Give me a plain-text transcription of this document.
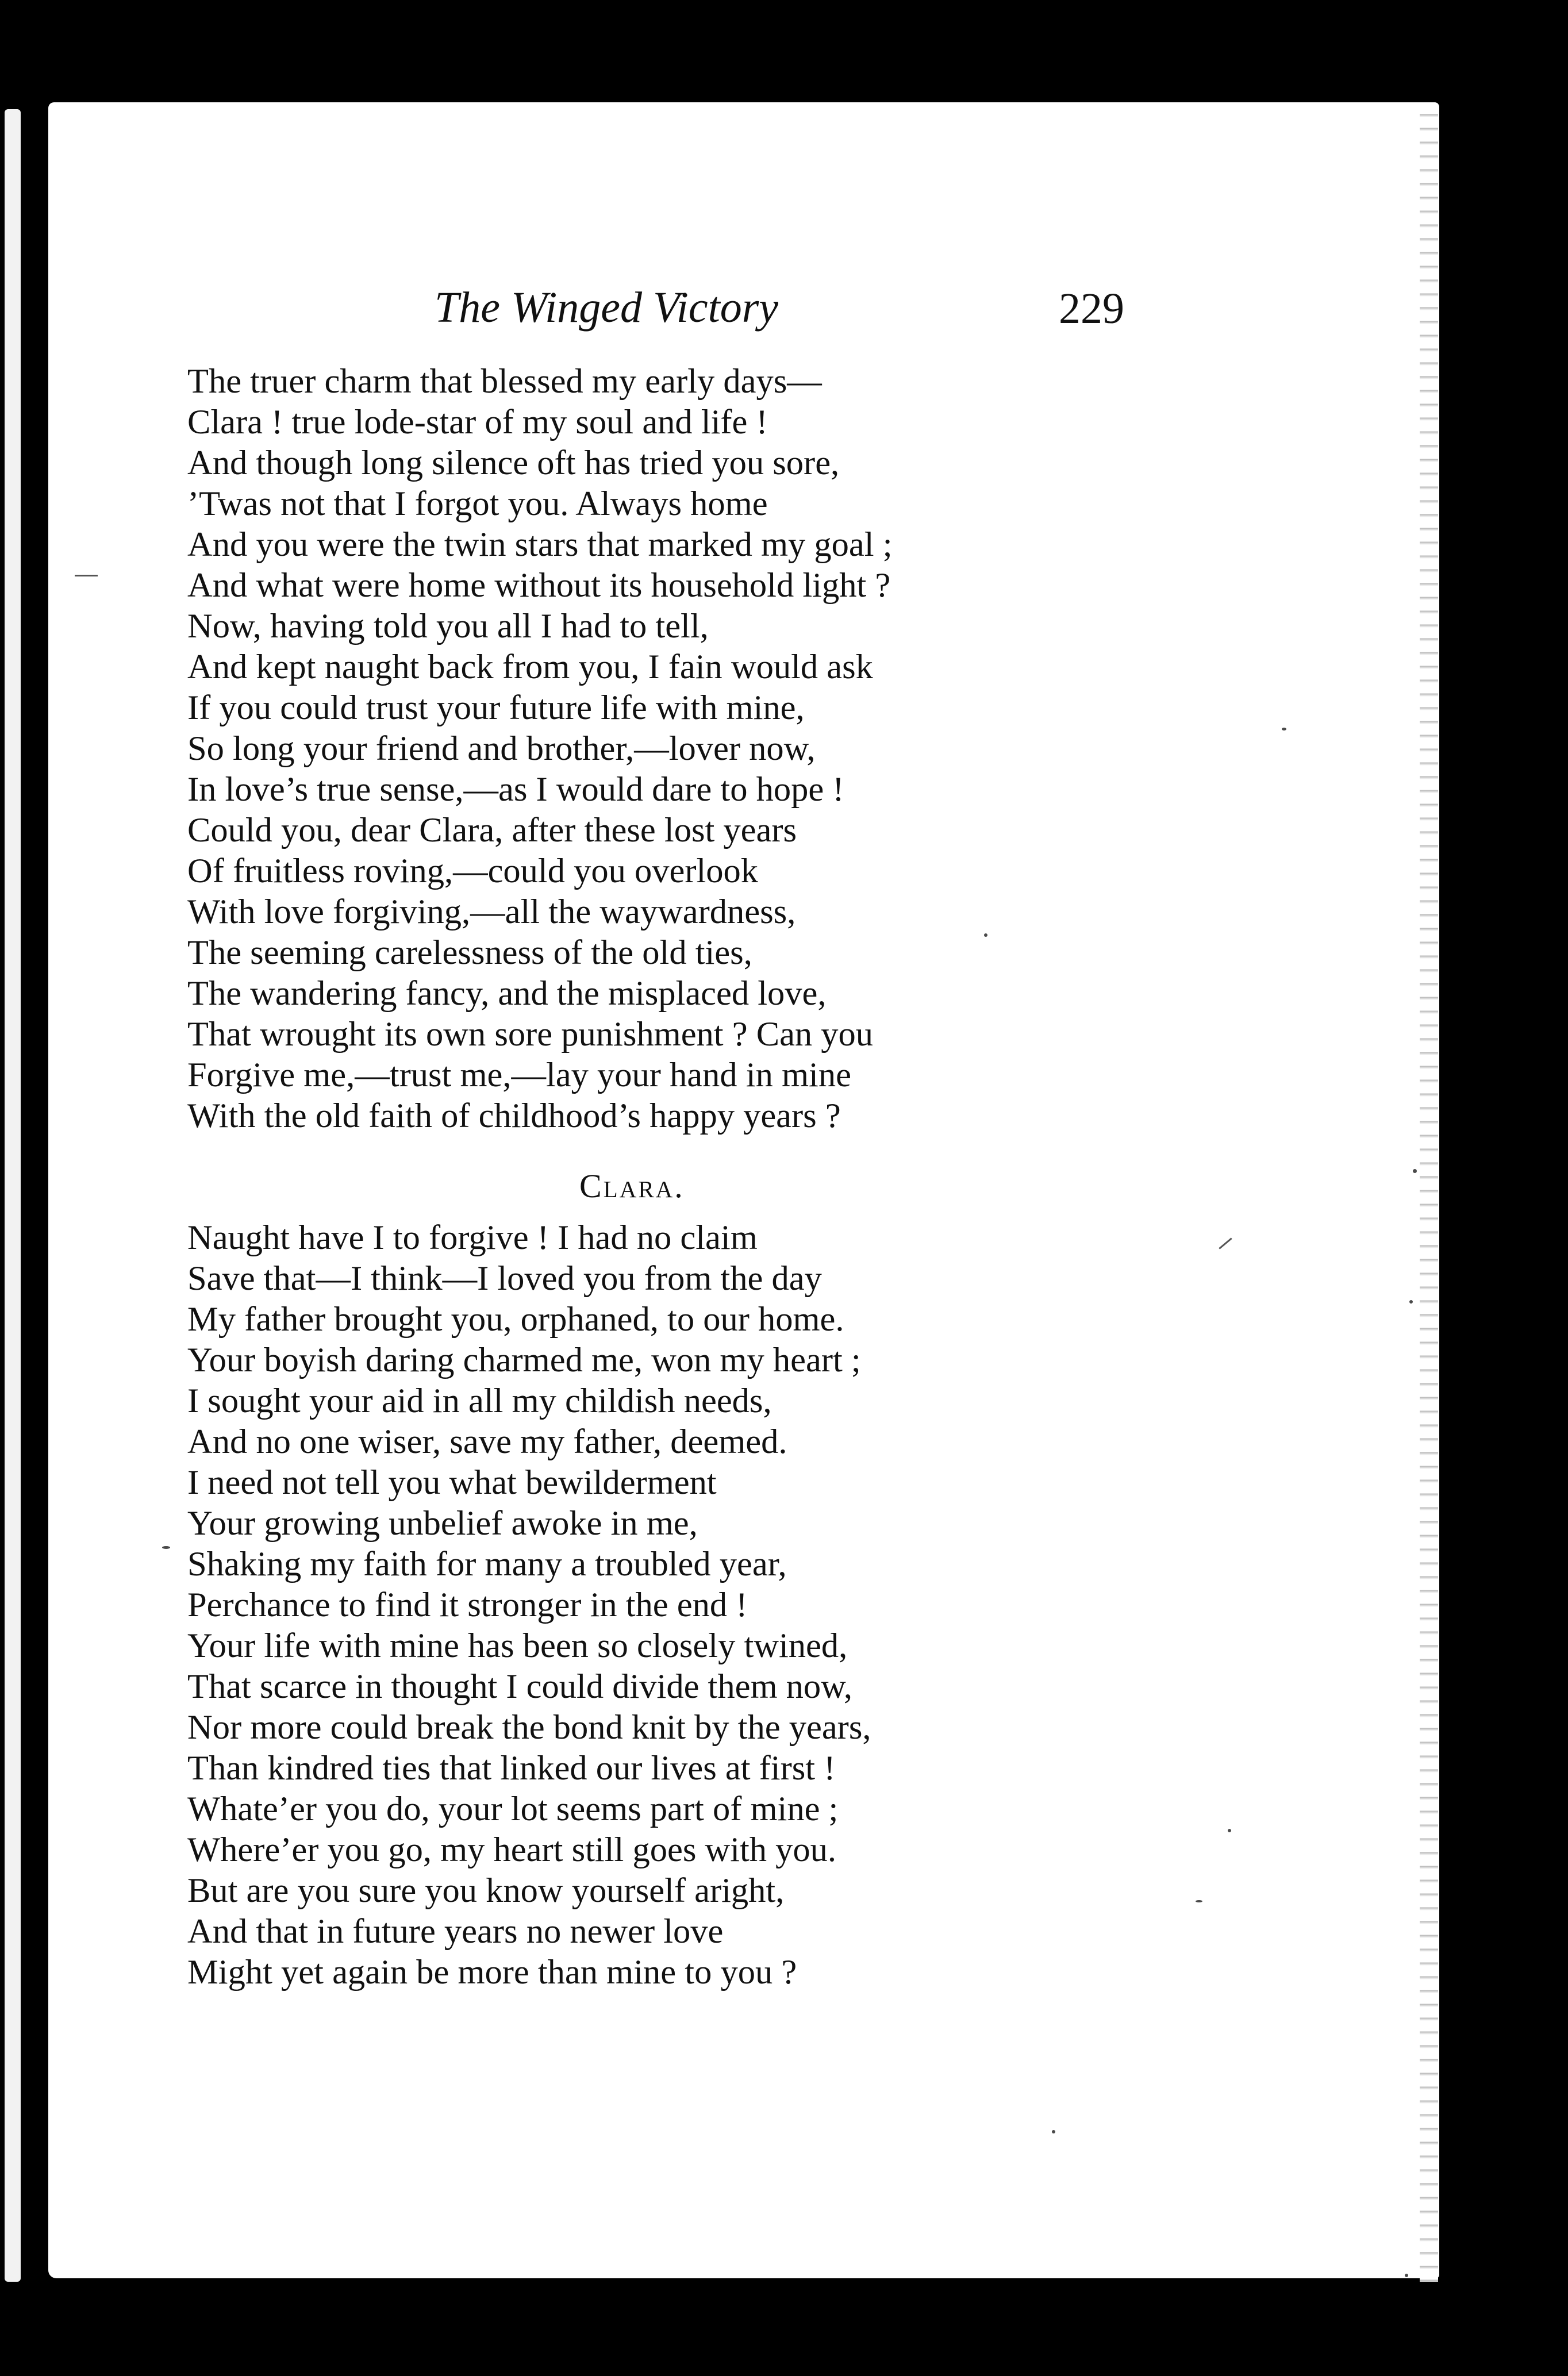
The Winged Victory	229
The truer charm that blessed my early days—
Clara ! true lode-star of my soul and life !
And though long silence oft has tried you sore,
’Twas not that I forgot you. Always home
And you were the twin stars that marked my goal ;
And what were home without its household light ?
Now, having told you all I had to tell,
And kept naught back from you, I fain would ask
If you could trust your future life with mine,
So long your friend and brother,—lover now,
In love’s true sense,—as I would dare to hope !
Could you, dear Clara, after these lost years
Of fruitless roving,—could you overlook
With love forgiving,—all the waywardness,
The seeming carelessness of the old ties,
The wandering fancy, and the misplaced love,
That wrought its own sore punishment ? Can you
Forgive me,—trust me,—lay your hand in mine
With the old faith of childhood’s happy years ?
Clara.
Naught have I to forgive ! I had no claim
Save that—I think—I loved you from the day
My father brought you, orphaned, to our home.
Your boyish daring charmed me, won my heart ;
I sought your aid in all my childish needs,
And no one wiser, save my father, deemed.
I need not tell you what bewilderment
Your growing unbelief awoke in me,
Shaking my faith for many a troubled year,
Perchance to find it stronger in the end !
Your life with mine has been so closely twined,
That scarce in thought I could divide them now,
Nor more could break the bond knit by the years,
Than kindred ties that linked our lives at first !
Whate’er you do, your lot seems part of mine ;
Where’er you go, my heart still goes with you.
But are you sure you know yourself aright,
And that in future years no newer love
Might yet again be more than mine to you ?
